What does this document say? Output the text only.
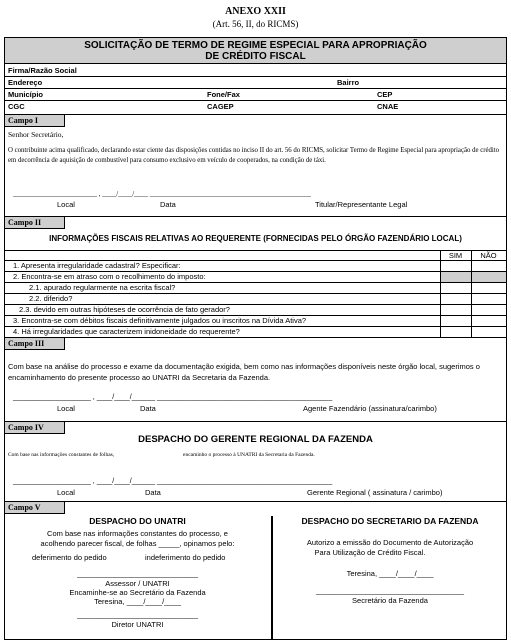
ANEXO XXII
(Art. 56, II, do RICMS)
SOLICITAÇÃO DE TERMO DE REGIME ESPECIAL PARA APROPRIAÇÃO
DE CRÉDITO FISCAL
Firma/Razão Social
Endereço	Bairro
Município	Fone/Fax	CEP
CGC	CAGEP	CNAE
Campo I
Senhor Secretário,
O contribuinte acima qualificado, declarando estar ciente das disposições contidas no inciso II do art. 56 do RICMS, solicitar Termo de Regime Especial para apropriação de crédito em decorrência de aquisição de combustível para consumo exclusivo em veículo de cooperados, na condição de táxi.
________________________ , ____/____/____ ______________________________________________
Local	Data	Titular/Representante Legal
Campo II
INFORMAÇÕES FISCAIS RELATIVAS AO REQUERENTE (FORNECIDAS PELO ÓRGÃO FAZENDÁRIO LOCAL)
SIM	NÃO
1. Apresenta irregularidade cadastral? Especificar:
2. Encontra-se em atraso com o recolhimento do imposto:
2.1. apurado regularmente na escrita fiscal?
2.2. diferido?
2.3. devido em outras hipóteses de ocorrência de fato gerador?
3. Encontra-se com débitos fiscais definitivamente julgados ou inscritos na Dívida Ativa?
4. Há irregularidades que caracterizem inidoneidade do requerente?
Campo III
Com base na análise do processo e exame da documentação exigida, bem como nas informações disponíveis neste órgão local, sugerimos o encaminhamento do presente processo ao UNATRI da Secretaria da Fazenda.
____________________ , ____/____/______ _____________________________________________
Local	Data	Agente Fazendário (assinatura/carimbo)
Campo IV
DESPACHO DO GERENTE REGIONAL DA FAZENDA
Com base nas informações constantes de folhas,	encaminho o processo à UNATRI da Secretaria da Fazenda.
____________________ , ____/____/______ _____________________________________________
Local	Data	Gerente Regional ( assinatura / carimbo)
Campo V
DESPACHO DO UNATRI
Com base nas informações constantes do processo, e
acolhendo parecer fiscal, de folhas _____, opinamos pelo:
deferimento do pedido	indeferimento do pedido
_______________________________
Assessor / UNATRI
Encaminhe-se ao Secretário da Fazenda
Teresina, ____/____/____
_______________________________
Diretor UNATRI
DESPACHO DO SECRETARIO DA FAZENDA
Autorizo a emissão do Documento de Autorização
Para Utilização de Crédito Fiscal.
Teresina, ____/____/____
______________________________________
Secretário da Fazenda
